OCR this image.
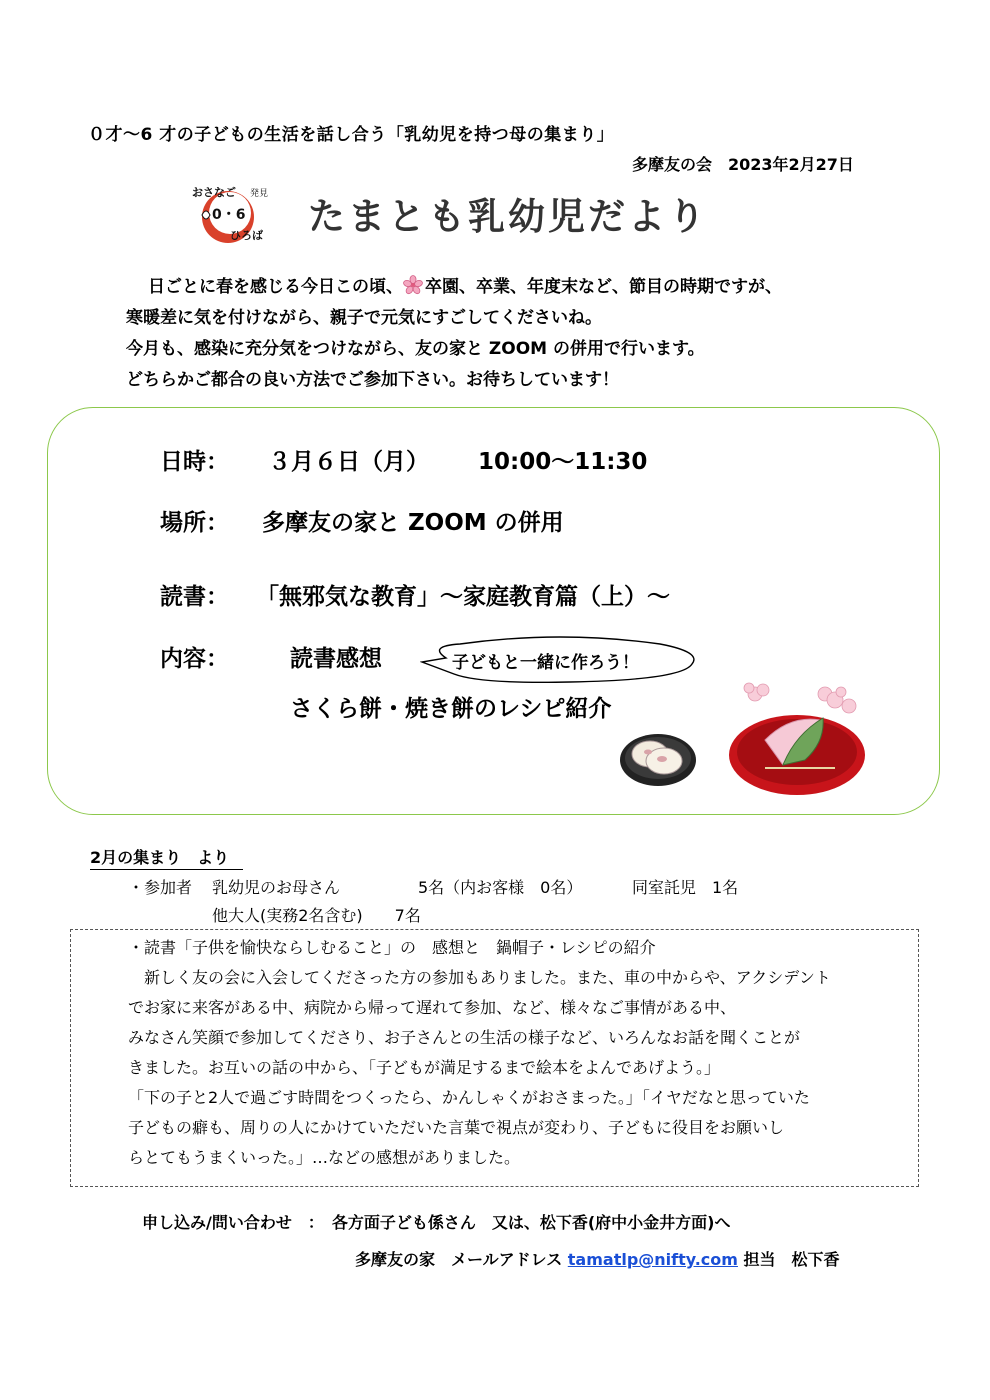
０才～6 才の子どもの生活を話し合う「乳幼児を持つ母の集まり」
多摩友の会　2023年2月27日
おさなご 発見
0・6
ひろば たまとも乳幼児だより

日ごとに春を感じる今日この頃、 卒園、卒業、年度末など、節目の時期ですが、

寒暖差に気を付けながら、親子で元気にすごしてくださいね。

今月も、感染に充分気をつけながら、友の家と ZOOM の併用で行います。

どちらかご都合の良い方法でご参加下さい。お待ちしています！

日時： ３月６日（月） 10:00～11:30
場所： 多摩友の家と ZOOM の併用
読書： 「無邪気な教育」～家庭教育篇（上）～
内容：	読書感想
さくら餅・焼き餅のレシピ紹介
子どもと一緒に作ろう！
2月の集まり　より
・参加者 乳幼児のお母さん	5名（内お客様　0名）	同室託児　1名
他大人(実務2名含む)　　7名

・読書「子供を愉快ならしむること」の　感想と　鍋帽子・レシピの紹介

　新しく友の会に入会してくださった方の参加もありました。また、車の中からや、アクシデント

でお家に来客がある中、病院から帰って遅れて参加、など、様々なご事情がある中、

みなさん笑顔で参加してくださり、お子さんとの生活の様子など、いろんなお話を聞くことが

きました。お互いの話の中から、「子どもが満足するまで絵本をよんであげよう。」

「下の子と2人で過ごす時間をつくったら、かんしゃくがおさまった。」「イヤだなと思っていた

子どもの癖も、周りの人にかけていただいた言葉で視点が変わり、子どもに役目をお願いし

らとてもうまくいった。」…などの感想がありました。

申し込み/問い合わせ　：　各方面子ども係さん　又は、松下香(府中小金井方面)へ
多摩友の家　メールアドレス tamatlp@nifty.com 担当　松下香
